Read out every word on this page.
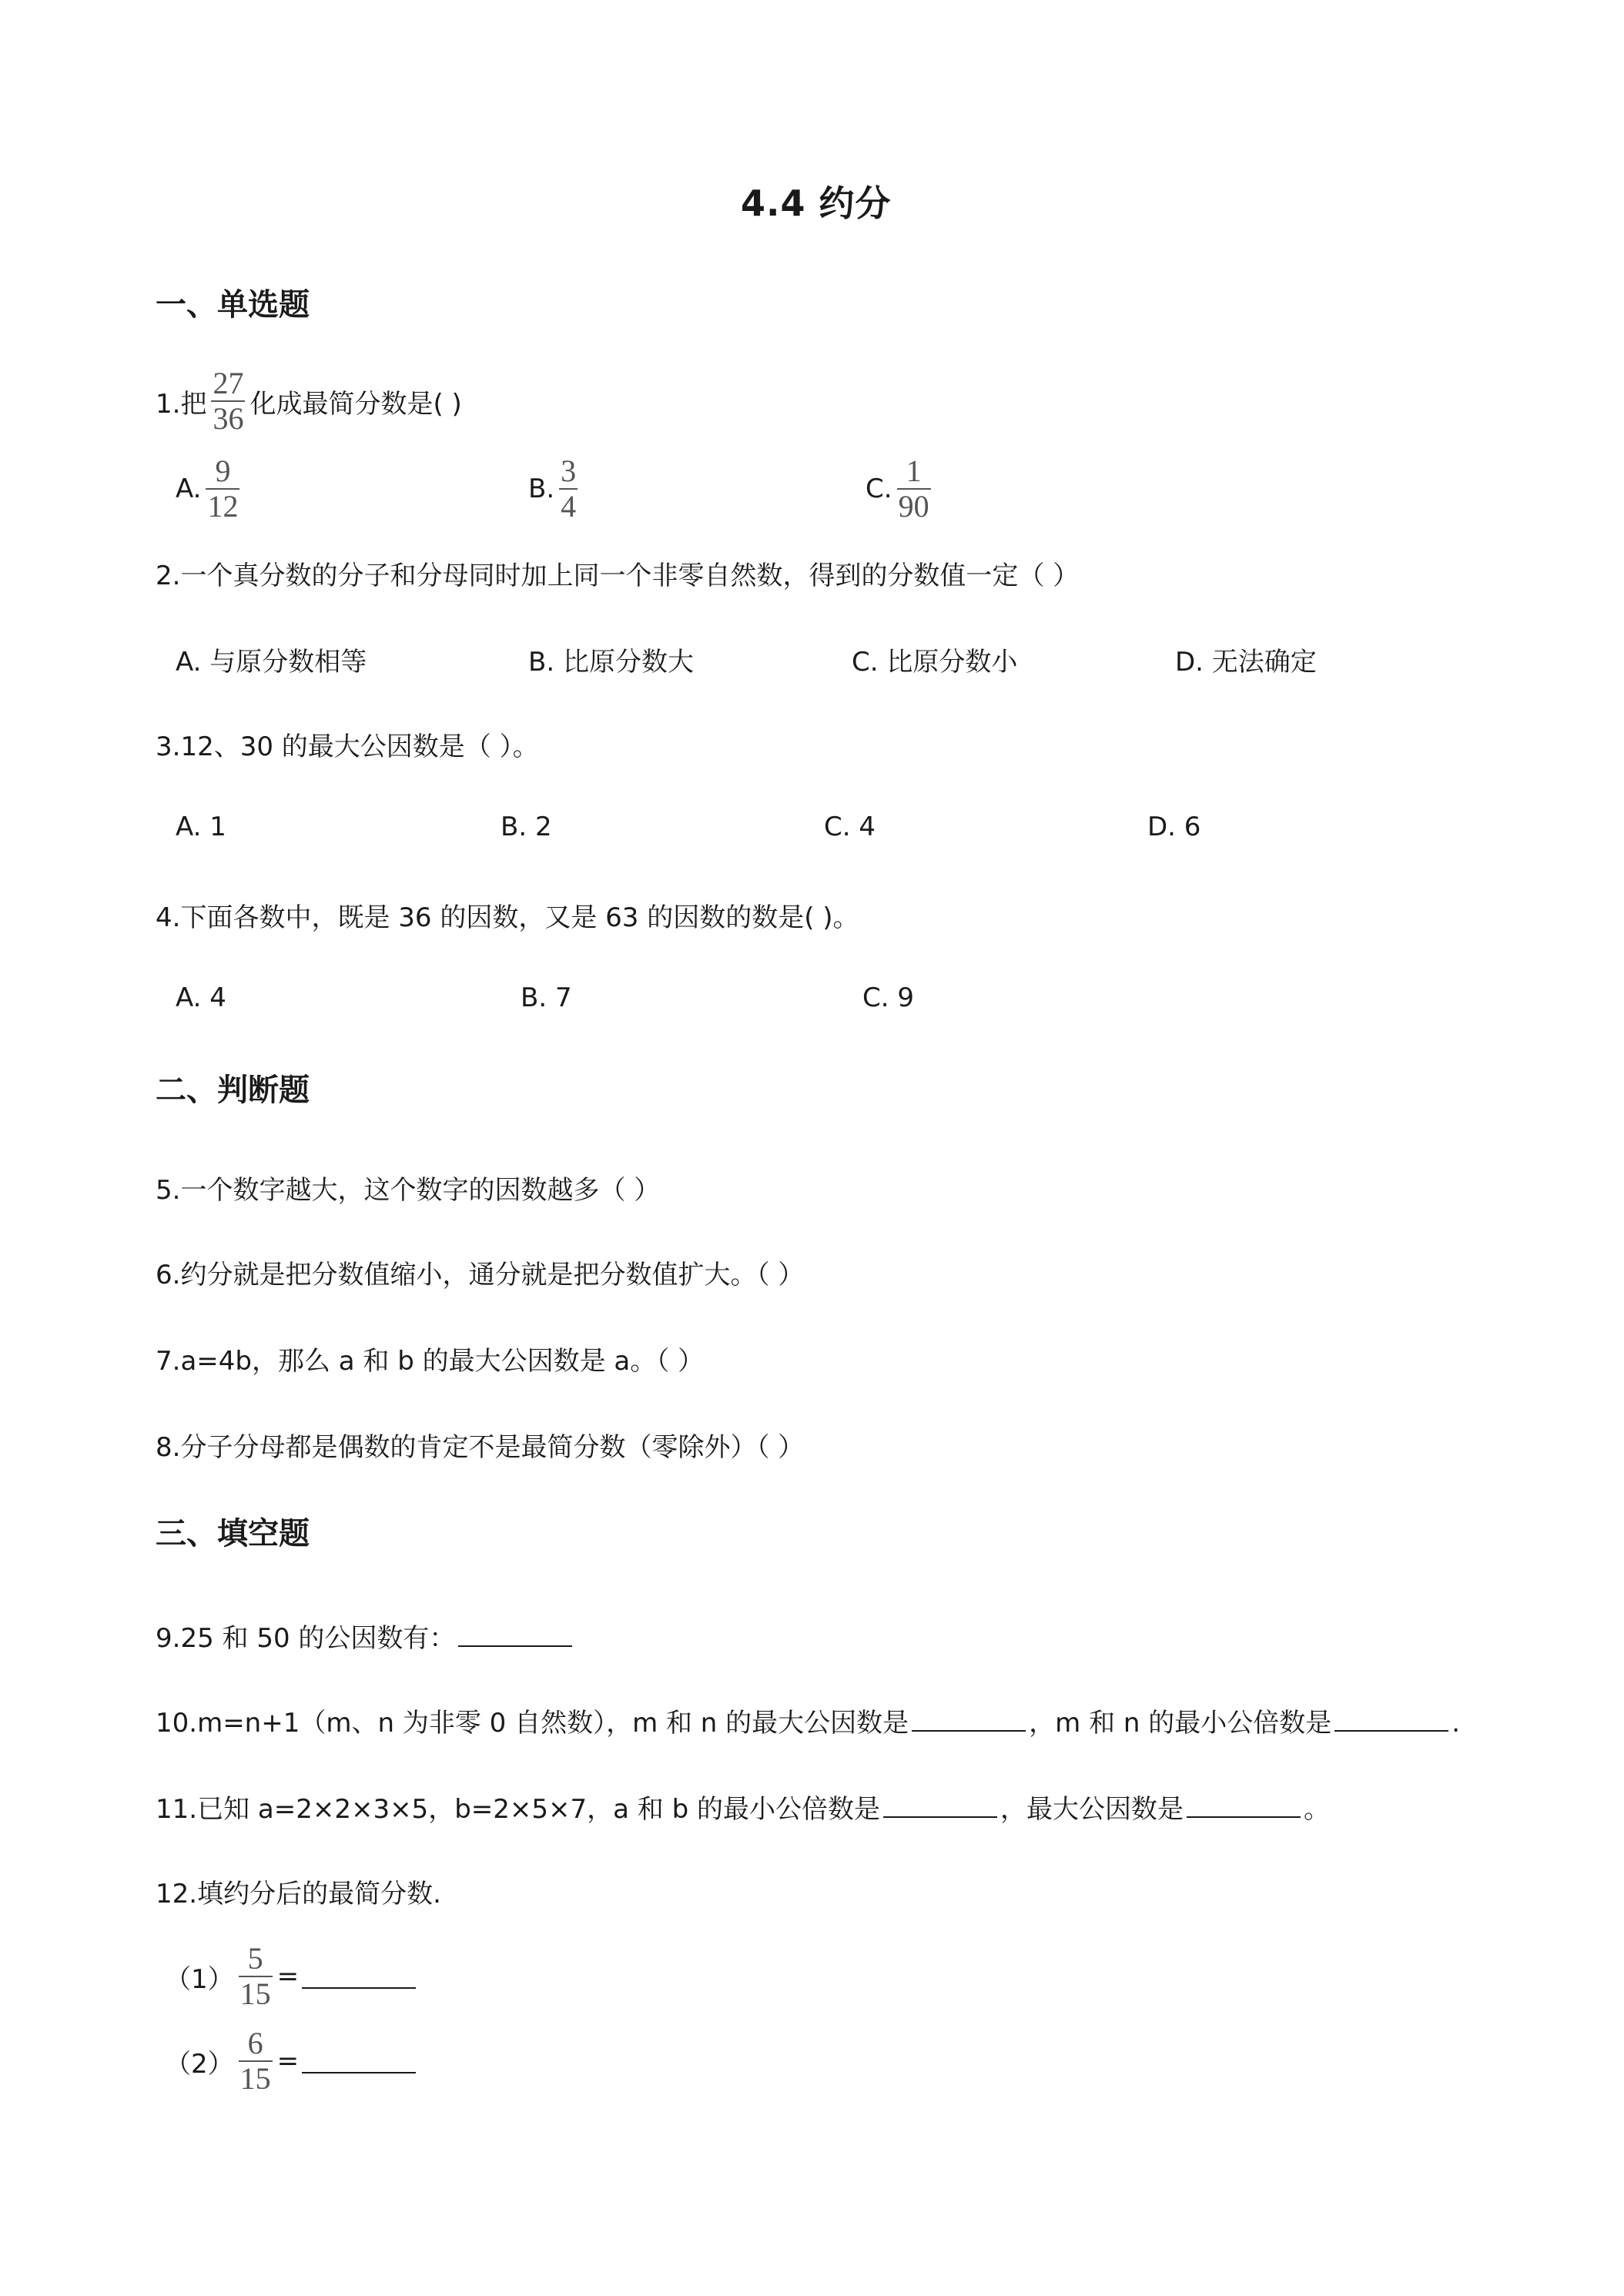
4.4 约分
一、单选题
1.把 $\frac{27}{36}$ 化成最简分数是( )
A. $\frac{9}{12}$	B. $\frac{3}{4}$	C. $\frac{1}{90}$
2.一个真分数的分子和分母同时加上同一个非零自然数，得到的分数值一定（ ）
A. 与原分数相等	B. 比原分数大	C. 比原分数小	D. 无法确定
3.12、30 的最大公因数是（ ）。
A. 1	B. 2	C. 4	D. 6
4.下面各数中，既是 36 的因数，又是 63 的因数的数是( )。
A. 4	B. 7	C. 9
二、判断题
5.一个数字越大，这个数字的因数越多（ ）
6.约分就是把分数值缩小，通分就是把分数值扩大。（ ）
7.a=4b，那么 a 和 b 的最大公因数是 a。（ ）
8.分子分母都是偶数的肯定不是最简分数（零除外）（ ）
三、填空题
9.25 和 50 的公因数有：
10.m=n+1（m、n 为非零 0 自然数），m 和 n 的最大公因数是	，m 和 n 的最小公倍数是	.
11.已知 a=2×2×3×5，b=2×5×7，a 和 b 的最小公倍数是	，最大公因数是	。
12.填约分后的最简分数.
$(1) \frac{5}{15}$ =
$(2) \frac{6}{15}$ =
